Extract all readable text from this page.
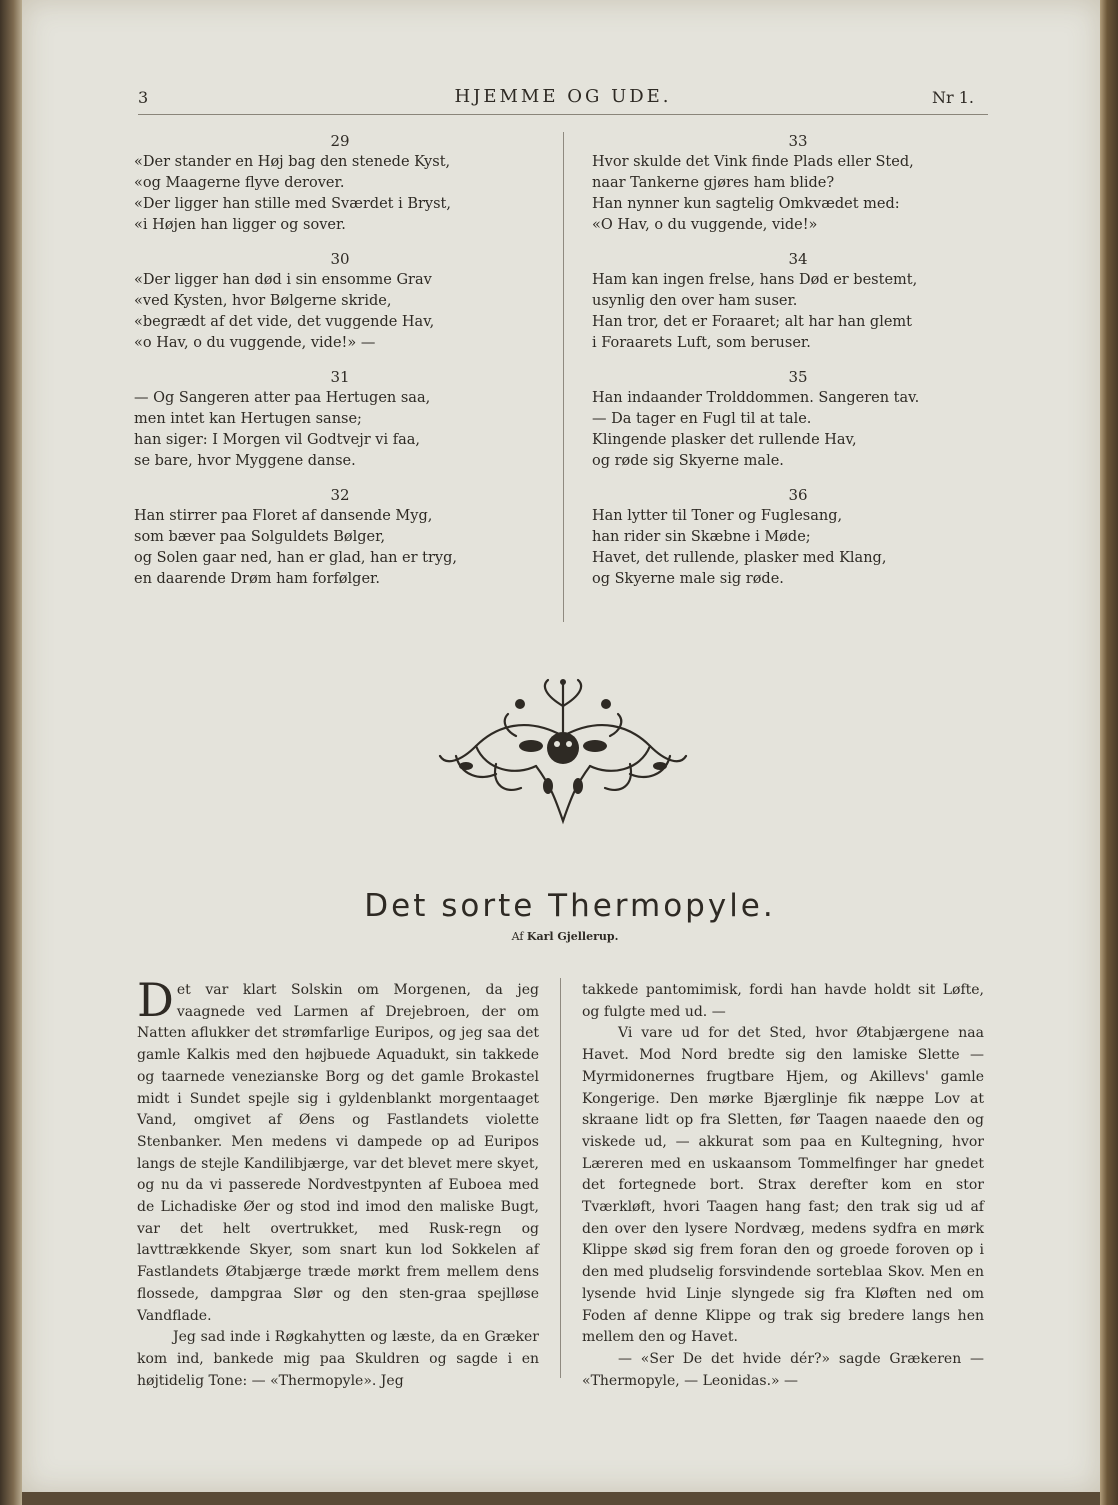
3	HJEMME OG UDE.	Nr 1.
29
«Der stander en Høj bag den stenede Kyst,
«og Maagerne flyve derover.
«Der ligger han stille med Sværdet i Bryst,
«i Højen han ligger og sover.
30
«Der ligger han død i sin ensomme Grav
«ved Kysten, hvor Bølgerne skride,
«begrædt af det vide, det vuggende Hav,
«o Hav, o du vuggende, vide!» —
31
— Og Sangeren atter paa Hertugen saa,
men intet kan Hertugen sanse;
han siger: I Morgen vil Godtvejr vi faa,
se bare, hvor Myggene danse.
32
Han stirrer paa Floret af dansende Myg,
som bæver paa Solguldets Bølger,
og Solen gaar ned, han er glad, han er tryg,
en daarende Drøm ham forfølger.
33
Hvor skulde det Vink finde Plads eller Sted,
naar Tankerne gjøres ham blide?
Han nynner kun sagtelig Omkvædet med:
«O Hav, o du vuggende, vide!»
34
Ham kan ingen frelse, hans Død er bestemt,
usynlig den over ham suser.
Han tror, det er Foraaret; alt har han glemt
i Foraarets Luft, som beruser.
35
Han indaander Trolddommen. Sangeren tav.
— Da tager en Fugl til at tale.
Klingende plasker det rullende Hav,
og røde sig Skyerne male.
36
Han lytter til Toner og Fuglesang,
han rider sin Skæbne i Møde;
Havet, det rullende, plasker med Klang,
og Skyerne male sig røde.
Det sorte Thermopyle.
Af Karl Gjellerup.

Det var klart Solskin om Morgenen, da jeg vaagnede ved Larmen af Drejebroen, der om Natten aflukker det strømfarlige Euripos, og jeg saa det gamle Kalkis med den højbuede Aquadukt, sin takkede og taarnede venezianske Borg og det gamle Brokastel midt i Sundet spejle sig i gyldenblankt morgentaaget Vand, omgivet af Øens og Fastlandets violette Stenbanker. Men medens vi dampede op ad Euripos langs de stejle Kandilibjærge, var det blevet mere skyet, og nu da vi passerede Nordvestpynten af Euboea med de Lichadiske Øer og stod ind imod den maliske Bugt, var det helt overtrukket, med Rusk-regn og lavttrækkende Skyer, som snart kun lod Sokkelen af Fastlandets Øtabjærge træde mørkt frem mellem dens flossede, dampgraa Slør og den sten-graa spejlløse Vandflade.

Jeg sad inde i Røgkahytten og læste, da en Græker kom ind, bankede mig paa Skuldren og sagde i en højtidelig Tone: — «Thermopyle». Jeg

takkede pantomimisk, fordi han havde holdt sit Løfte, og fulgte med ud. —

Vi vare ud for det Sted, hvor Øtabjærgene naa Havet. Mod Nord bredte sig den lamiske Slette — Myrmidonernes frugtbare Hjem, og Akillevs' gamle Kongerige. Den mørke Bjærglinje fik næppe Lov at skraane lidt op fra Sletten, før Taagen naaede den og viskede ud, — akkurat som paa en Kultegning, hvor Læreren med en uskaansom Tommelfinger har gnedet det fortegnede bort. Strax derefter kom en stor Tværkløft, hvori Taagen hang fast; den trak sig ud af den over den lysere Nordvæg, medens sydfra en mørk Klippe skød sig frem foran den og groede foroven op i den med pludselig forsvindende sorteblaa Skov. Men en lysende hvid Linje slyngede sig fra Kløften ned om Foden af denne Klippe og trak sig bredere langs hen mellem den og Havet.

— «Ser De det hvide dér?» sagde Grækeren — «Thermopyle, — Leonidas.» —
